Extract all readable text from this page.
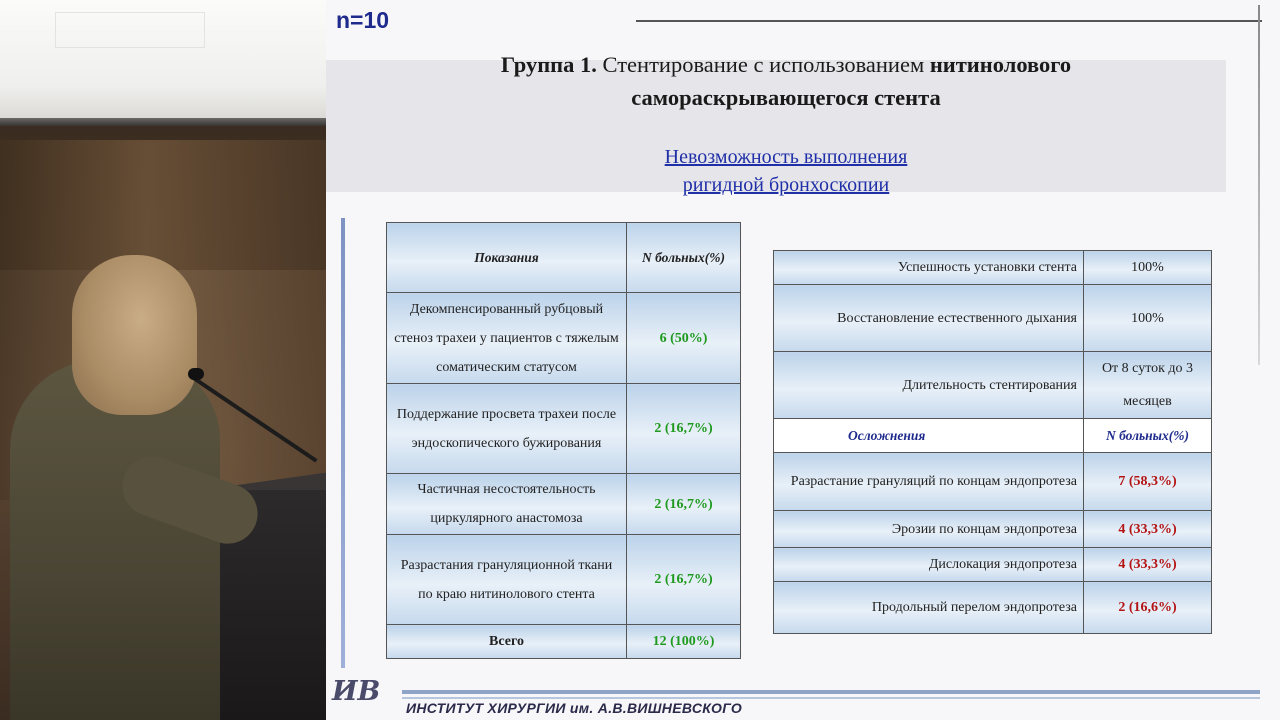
n=10
Группа 1. Стентирование с использованием нитинолового
самораскрывающегося стента
Невозможность выполнения
ригидной бронхоскопии
Показания	N больных(%)
Декомпенсированный рубцовый стеноз трахеи у пациентов с тяжелым соматическим статусом	6 (50%)
Поддержание просвета трахеи после эндоскопического бужирования	2 (16,7%)
Частичная несостоятельность циркулярного анастомоза	2 (16,7%)
Разрастания грануляционной ткани по краю нитинолового стента	2 (16,7%)
Всего	12 (100%)
Успешность установки стента	100%
Восстановление естественного дыхания	100%
Длительность стентирования	От 8 суток до 3 месяцев
Осложнения	N больных(%)
Разрастание грануляций по концам эндопротеза	7 (58,3%)
Эрозии по концам эндопротеза	4 (33,3%)
Дислокация эндопротеза	4 (33,3%)
Продольный перелом эндопротеза	2 (16,6%)
ИВ
ИНСТИТУТ ХИРУРГИИ им. А.В.ВИШНЕВСКОГО
